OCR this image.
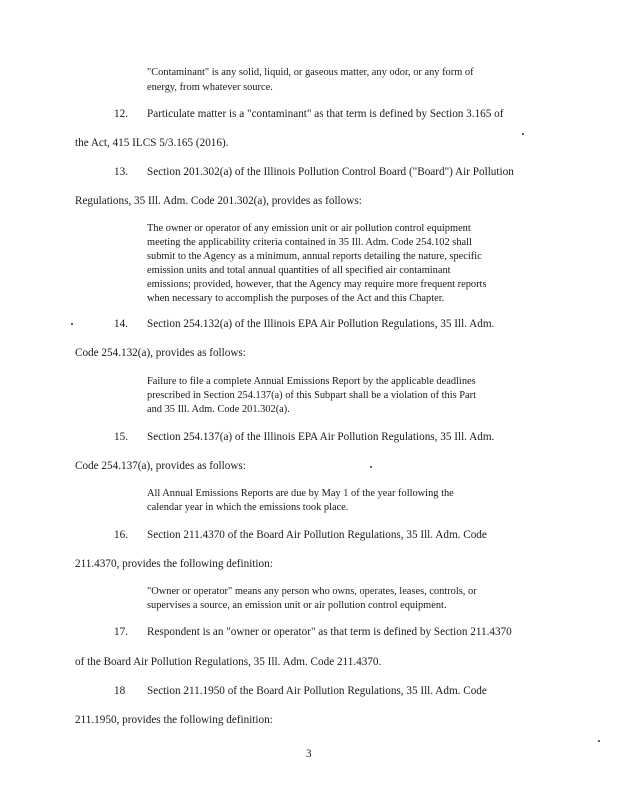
"Contaminant" is any solid, liquid, or gaseous matter, any odor, or any form of
energy, from whatever source.
12. Particulate matter is a "contaminant" as that term is defined by Section 3.165 of
the Act, 415 ILCS 5/3.165 (2016).
13. Section 201.302(a) of the Illinois Pollution Control Board ("Board") Air Pollution
Regulations, 35 Ill. Adm. Code 201.302(a), provides as follows:
The owner or operator of any emission unit or air pollution control equipment
meeting the applicability criteria contained in 35 Ill. Adm. Code 254.102 shall
submit to the Agency as a minimum, annual reports detailing the nature, specific
emission units and total annual quantities of all specified air contaminant
emissions; provided, however, that the Agency may require more frequent reports
when necessary to accomplish the purposes of the Act and this Chapter.
14. Section 254.132(a) of the Illinois EPA Air Pollution Regulations, 35 Ill. Adm.
Code 254.132(a), provides as follows:
Failure to file a complete Annual Emissions Report by the applicable deadlines
prescribed in Section 254.137(a) of this Subpart shall be a violation of this Part
and 35 Ill. Adm. Code 201.302(a).
15. Section 254.137(a) of the Illinois EPA Air Pollution Regulations, 35 Ill. Adm.
Code 254.137(a), provides as follows:
All Annual Emissions Reports are due by May 1 of the year following the
calendar year in which the emissions took place.
16. Section 211.4370 of the Board Air Pollution Regulations, 35 Ill. Adm. Code
211.4370, provides the following definition:
"Owner or operator" means any person who owns, operates, leases, controls, or
supervises a source, an emission unit or air pollution control equipment.
17. Respondent is an "owner or operator" as that term is defined by Section 211.4370
of the Board Air Pollution Regulations, 35 Ill. Adm. Code 211.4370.
18 Section 211.1950 of the Board Air Pollution Regulations, 35 Ill. Adm. Code
211.1950, provides the following definition:
3
